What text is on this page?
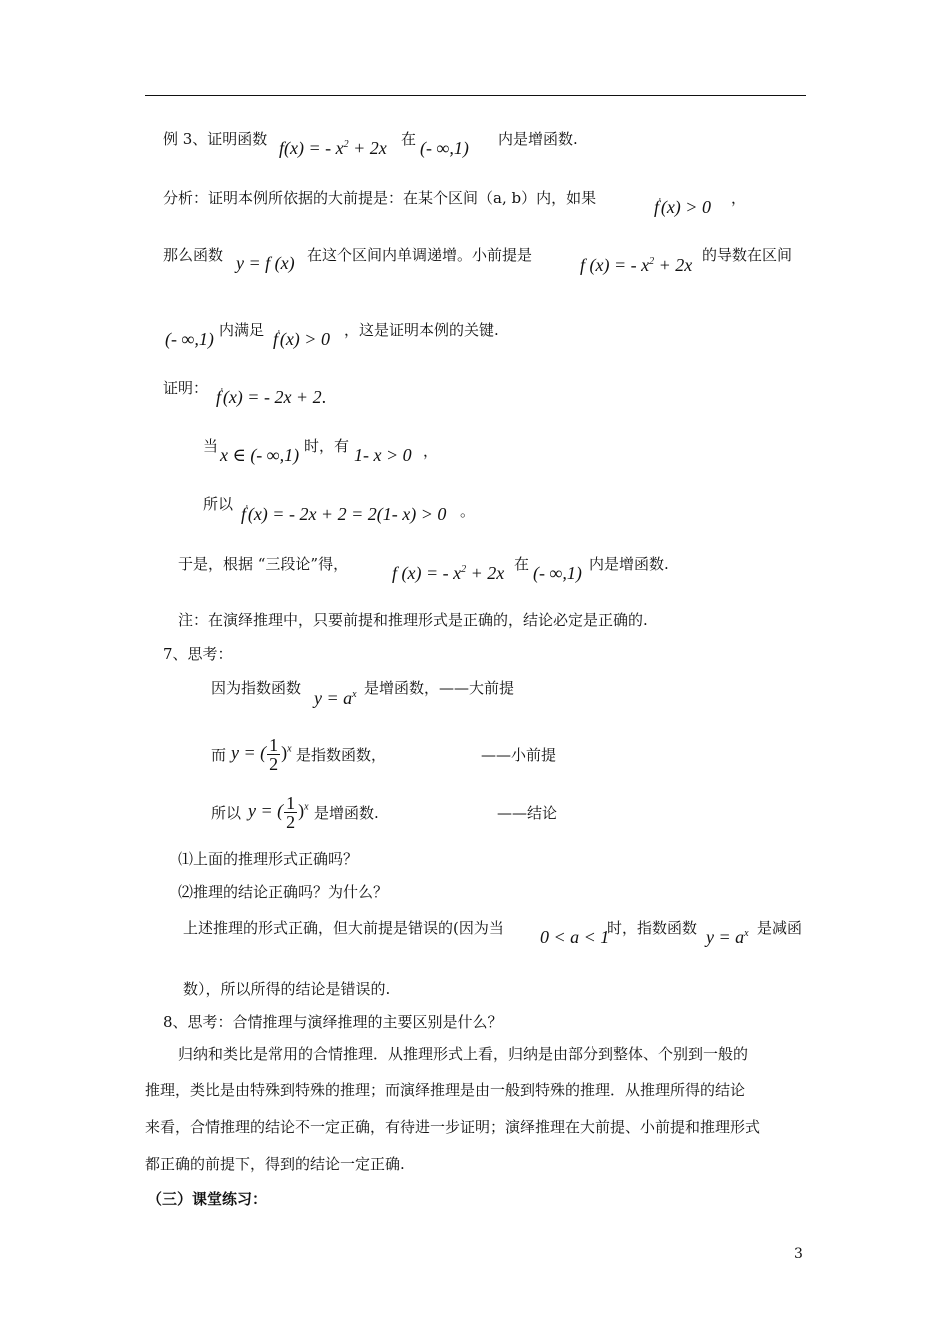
例 3、证明函数 f(x) = - $x^2 + 2x$ 在 (- ∞,1) 内是增函数.
分析：证明本例所依据的大前提是：在某个区间（a, b）内，如果	f'(x) > 0 ，
那么函数 y = f (x) 在这个区间内单调递增。小前提是	f (x) = - $x^2 + 2x$ 的导数在区间
(- ∞,1) 内满足 f'(x) > 0 ，这是证明本例的关键.
证明： f'(x) = - 2x + 2.
当 x ∈ (- ∞,1) 时，有 1- x > 0 ，
所以 f'(x) = - 2x + 2 = 2(1- x) > 0 。
于是，根据 “三段论”得， f (x) = - $x^2 + 2x$ 在 (- ∞,1) 内是增函数.
注：在演绎推理中，只要前提和推理形式是正确的，结论必定是正确的.
7、思考：
因为指数函数 $y = a^x$ 是增函数，——大前提
而 y = ( $\frac{1}{2} )^x$ 是指数函数，	——小前提
所以 y = ( $\frac{1}{2} )^x$ 是增函数.	——结论
⑴上面的推理形式正确吗？
⑵推理的结论正确吗？为什么？
上述推理的形式正确，但大前提是错误的(因为当 0 < a < 1
时，指数函数 $y = a^x$ 是减函
数），所以所得的结论是错误的.
8、思考：合情推理与演绎推理的主要区别是什么？
归纳和类比是常用的合情推理．从推理形式上看，归纳是由部分到整体、个别到一般的
推理，类比是由特殊到特殊的推理；而演绎推理是由一般到特殊的推理．从推理所得的结论
来看，合情推理的结论不一定正确，有待进一步证明；演绎推理在大前提、小前提和推理形式
都正确的前提下，得到的结论一定正确.
（三）课堂练习：
3
